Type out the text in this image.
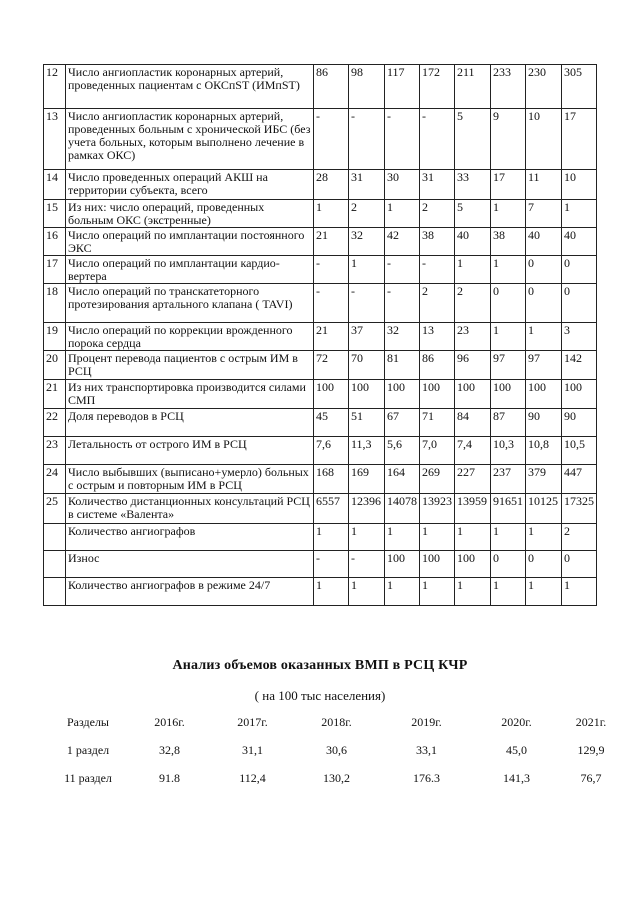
12	Число ангиопластик коронарных артерий, проведенных пациентам с ОКСпST (ИМпST)	86	98	117	172	211	233	230	305
13	Число ангиопластик коронарных артерий, проведенных больным с хронической ИБС (без учета больных, которым выполнено лечение в рамках ОКС)	-	-	-	-	5	9	10	17
14	Число проведенных операций АКШ на территории субъекта, всего	28	31	30	31	33	17	11	10
15	Из них: число операций, проведенных больным ОКС (экстренные)	1	2	1	2	5	1	7	1
16	Число операций по имплантации постоянного ЭКС	21	32	42	38	40	38	40	40
17	Число операций по имплантации кардио-вертера	-	1	-	-	1	1	0	0
18	Число операций по транскатеторного протезирования артального клапана ( TAVI)	-	-	-	2	2	0	0	0
19	Число операций по коррекции врожденного порока сердца	21	37	32	13	23	1	1	3
20	Процент перевода пациентов с острым ИМ в РСЦ	72	70	81	86	96	97	97	142
21	Из них транспортировка производится силами СМП	100	100	100	100	100	100	100	100
22	Доля переводов в РСЦ	45	51	67	71	84	87	90	90
23	Летальность от острого ИМ в РСЦ	7,6	11,3	5,6	7,0	7,4	10,3	10,8	10,5
24	Число выбывших (выписано+умерло) больных с острым и повторным ИМ в РСЦ	168	169	164	269	227	237	379	447
25	Количество дистанционных консультаций РСЦ в системе «Валента»	6557	12396	14078	13923	13959	91651	10125	17325
	Количество ангиографов	1	1	1	1	1	1	1	2
	Износ	-	-	100	100	100	0	0	0
	Количество ангиографов в режиме 24/7	1	1	1	1	1	1	1	1
Анализ объемов оказанных ВМП в РСЦ КЧР
( на 100 тыс населения)
Разделы	2016г.	2017г.	2018г.	2019г.	2020г.	2021г.
1 раздел	32,8	31,1	30,6	33,1	45,0	129,9
11 раздел	91.8	112,4	130,2	176.3	141,3	76,7
